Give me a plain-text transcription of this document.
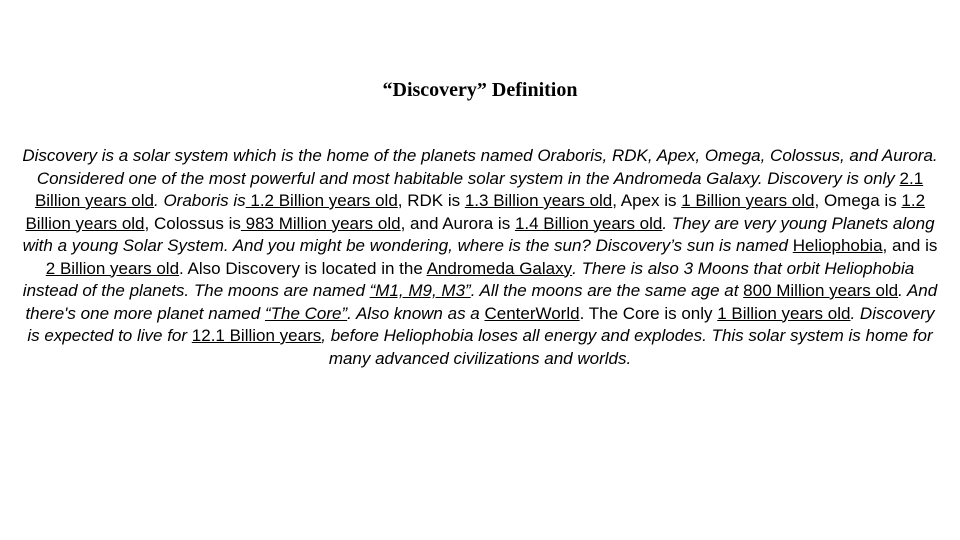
“Discovery” Definition
Discovery is a solar system which is the home of the planets named Oraboris, RDK, Apex, Omega, Colossus, and Aurora. Considered one of the most powerful and most habitable solar system in the Andromeda Galaxy. Discovery is only 2.1 Billion years old. Oraboris is 1.2 Billion years old, RDK is 1.3 Billion years old, Apex is 1 Billion years old, Omega is 1.2 Billion years old, Colossus is 983 Million years old, and Aurora is 1.4 Billion years old. They are very young Planets along with a young Solar System. And you might be wondering, where is the sun? Discovery’s sun is named Heliophobia, and is 2 Billion years old. Also Discovery is located in the Andromeda Galaxy. There is also 3 Moons that orbit Heliophobia instead of the planets. The moons are named “M1, M9, M3”. All the moons are the same age at 800 Million years old. And there's one more planet named “The Core”. Also known as a CenterWorld. The Core is only 1 Billion years old. Discovery is expected to live for 12.1 Billion years, before Heliophobia loses all energy and explodes. This solar system is home for many advanced civilizations and worlds.
